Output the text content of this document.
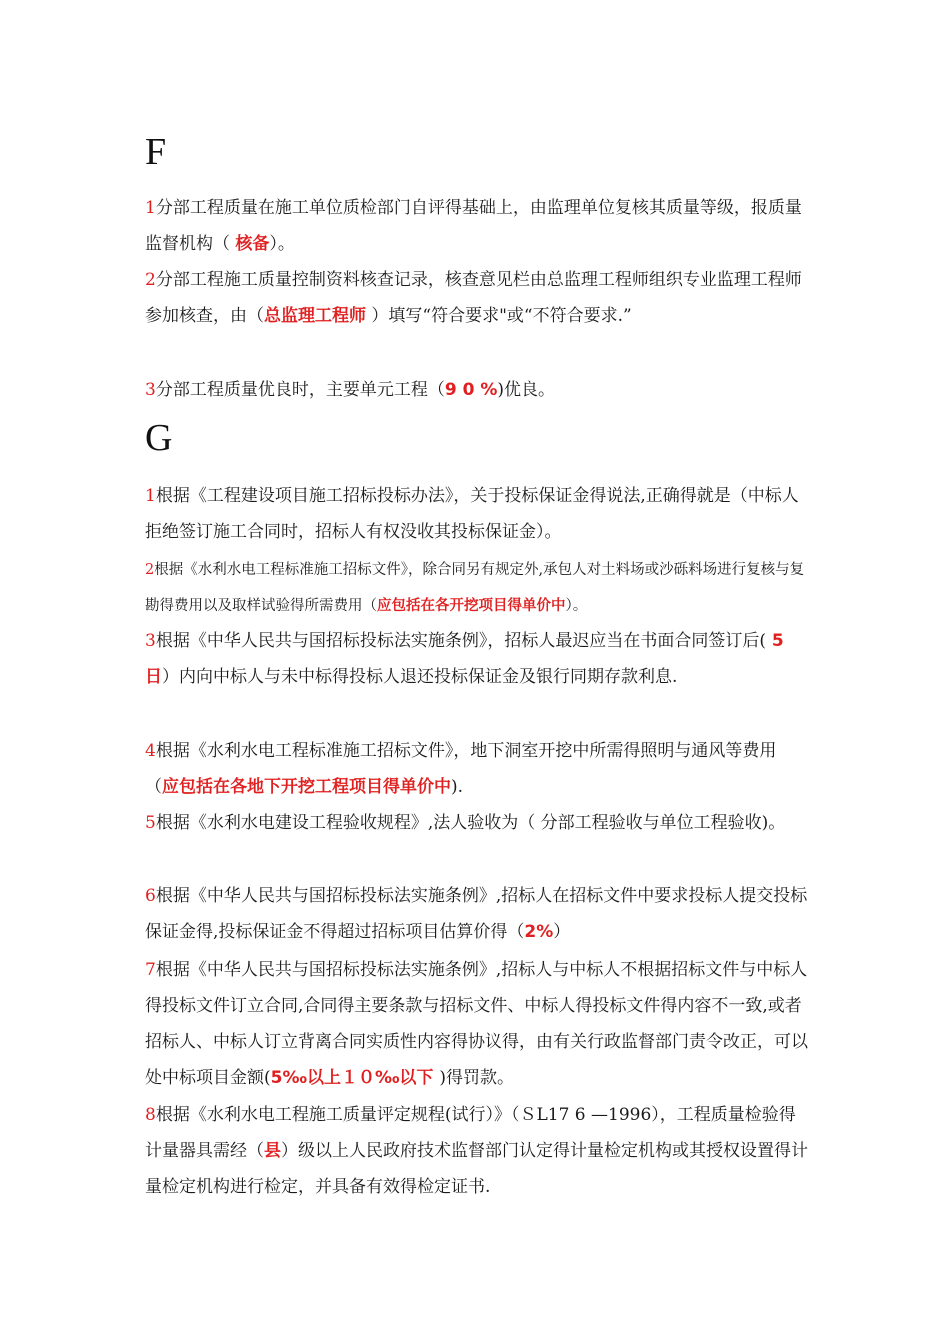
F

1分部工程质量在施工单位质检部门自评得基础上，由监理单位复核其质量等级，报质量监督机构（ 核备）。

2分部工程施工质量控制资料核查记录，核查意见栏由总监理工程师组织专业监理工程师参加核查，由（总监理工程师 ）填写“符合要求"或“不符合要求.”

3分部工程质量优良时，主要单元工程（9 0 %)优良。

G

1根据《工程建设项目施工招标投标办法》，关于投标保证金得说法,正确得就是（中标人拒绝签订施工合同时，招标人有权没收其投标保证金）。

2根据《水利水电工程标准施工招标文件》，除合同另有规定外,承包人对土料场或沙砾料场进行复核与复勘得费用以及取样试验得所需费用（应包括在各开挖项目得单价中）。

3根据《中华人民共与国招标投标法实施条例》，招标人最迟应当在书面合同签订后( 5 日）内向中标人与未中标得投标人退还投标保证金及银行同期存款利息.

4根据《水利水电工程标准施工招标文件》，地下洞室开挖中所需得照明与通风等费用（应包括在各地下开挖工程项目得单价中).

5根据《水利水电建设工程验收规程》,法人验收为（ 分部工程验收与单位工程验收)。

6根据《中华人民共与国招标投标法实施条例》,招标人在招标文件中要求投标人提交投标保证金得,投标保证金不得超过招标项目估算价得（2%）

7根据《中华人民共与国招标投标法实施条例》,招标人与中标人不根据招标文件与中标人得投标文件订立合同,合同得主要条款与招标文件、中标人得投标文件得内容不一致,或者招标人、中标人订立背离合同实质性内容得协议得，由有关行政监督部门责令改正，可以处中标项目金额(5‰以上１０‰以下 )得罚款。

8根据《水利水电工程施工质量评定规程(试行）》（ＳL17 6 —1996），工程质量检验得计量器具需经（县）级以上人民政府技术监督部门认定得计量检定机构或其授权设置得计量检定机构进行检定，并具备有效得检定证书.
